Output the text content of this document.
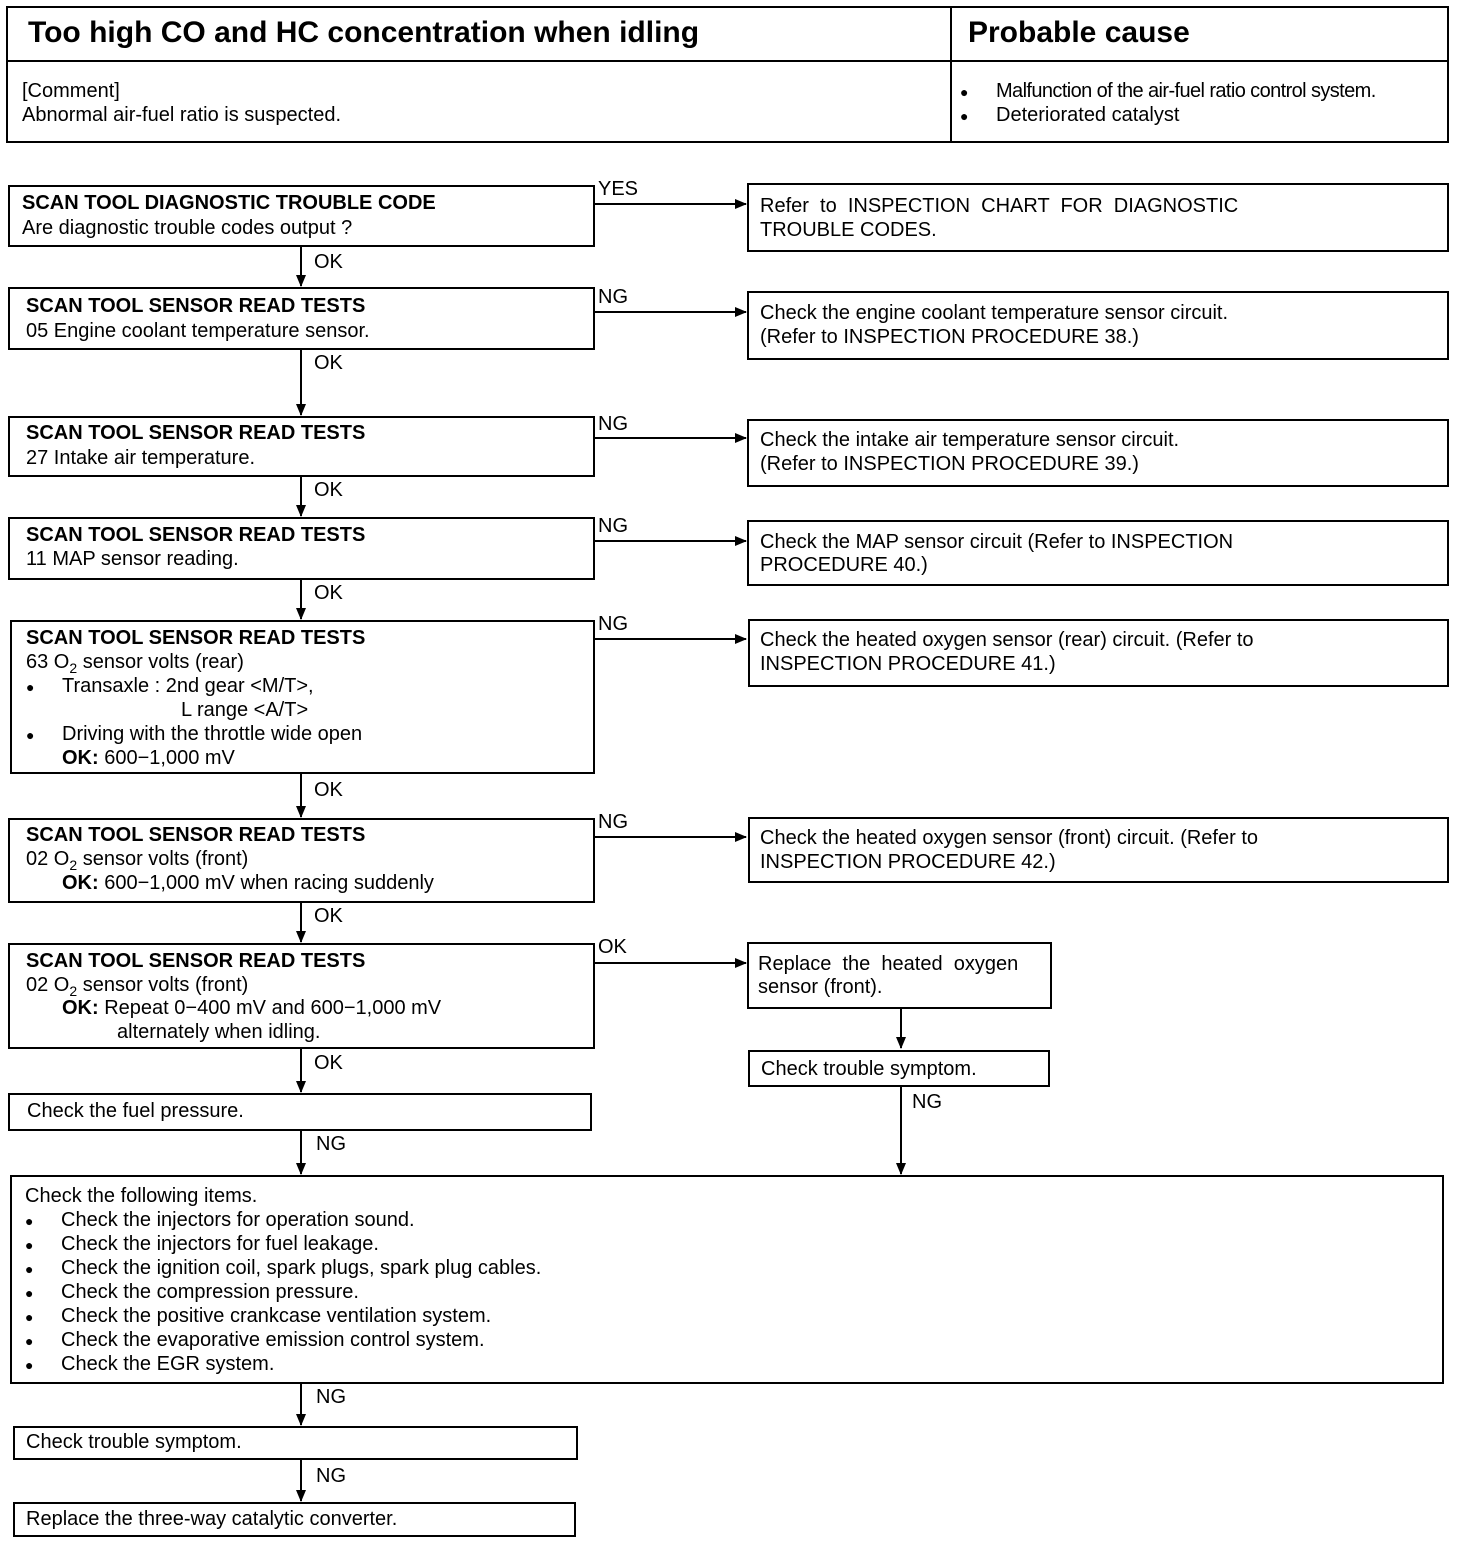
Too high CO and HC concentration when idling	Probable cause
[Comment]
Abnormal air-fuel ratio is suspected.
● Malfunction of the air-fuel ratio control system.
● Deteriorated catalyst
SCAN TOOL DIAGNOSTIC TROUBLE CODE
Are diagnostic trouble codes output ?
SCAN TOOL SENSOR READ TESTS
05 Engine coolant temperature sensor.
SCAN TOOL SENSOR READ TESTS
27 Intake air temperature.
SCAN TOOL SENSOR READ TESTS
11 MAP sensor reading.
SCAN TOOL SENSOR READ TESTS
63 $O_2$ sensor volts (rear)
● Transaxle : 2nd gear <M/T>,
L range <A/T>
● Driving with the throttle wide open
OK: 600−1,000 mV
SCAN TOOL SENSOR READ TESTS
02 $O_2$ sensor volts (front)
OK: 600−1,000 mV when racing suddenly
SCAN TOOL SENSOR READ TESTS
02 $O_2$ sensor volts (front)
OK: Repeat 0−400 mV and 600−1,000 mV
alternately when idling.
Check the fuel pressure.
Check the following items.
● Check the injectors for operation sound.
● Check the injectors for fuel leakage.
● Check the ignition coil, spark plugs, spark plug cables.
● Check the compression pressure.
● Check the positive crankcase ventilation system.
● Check the evaporative emission control system.
● Check the EGR system.
Check trouble symptom.
Replace the three-way catalytic converter.
Refer  to  INSPECTION  CHART  FOR  DIAGNOSTIC
TROUBLE CODES.
Check the engine coolant temperature sensor circuit.
(Refer to INSPECTION PROCEDURE 38.)
Check the intake air temperature sensor circuit.
(Refer to INSPECTION PROCEDURE 39.)
Check the MAP sensor circuit (Refer to INSPECTION
PROCEDURE 40.)
Check the heated oxygen sensor (rear) circuit. (Refer to
INSPECTION PROCEDURE 41.)
Check the heated oxygen sensor (front) circuit. (Refer to
INSPECTION PROCEDURE 42.)
Replace  the  heated  oxygen
sensor (front).
Check trouble symptom.
YES
NG
NG
NG
NG
NG
OK
OK
OK
OK
OK
OK
OK
OK
NG
NG
NG
NG
